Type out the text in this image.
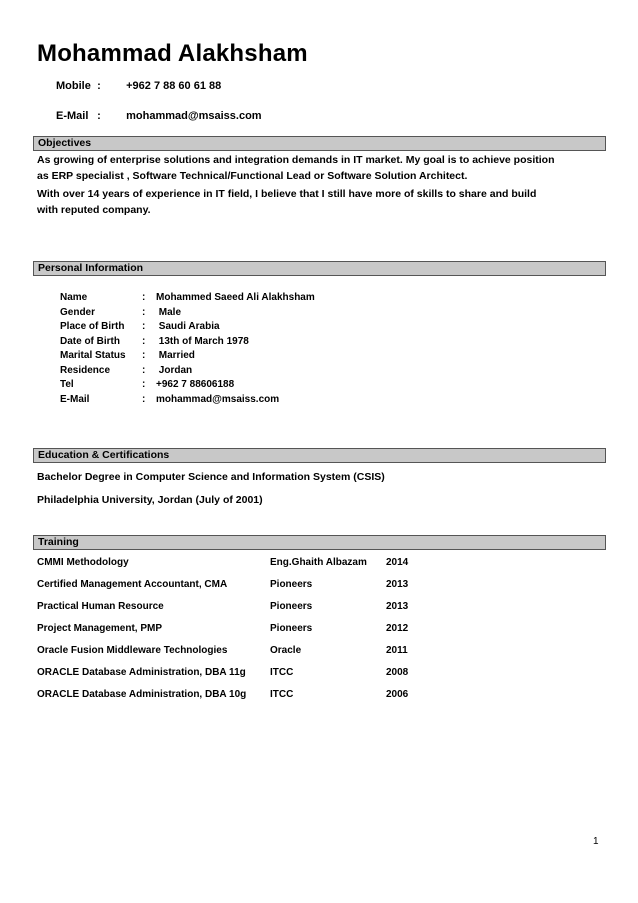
Mohammad Alakhsham
Mobile : +962 7 88 60 61 88
E-Mail : mohammad@msaiss.com
Objectives
As growing of enterprise solutions and integration demands in IT market. My goal is to achieve position
as ERP specialist , Software Technical/Functional Lead or Software Solution Architect.
With over 14 years of experience in IT field, I believe that I still have more of skills to share and build
with reputed company.
Personal Information
Name	: Mohammed Saeed Ali Alakhsham
Gender	: Male
Place of Birth : Saudi Arabia
Date of Birth : 13th of March 1978
Marital Status : Married
Residence	: Jordan
Tel	: +962 7 88606188
E-Mail	: mohammad@msaiss.com
Education & Certifications
Bachelor Degree in Computer Science and Information System (CSIS)
Philadelphia University, Jordan (July of 2001)
Training
CMMI Methodology	Eng.Ghaith Albazam 2014
Certified Management Accountant, CMA	Pioneers	2013
Practical Human Resource	Pioneers	2013
Project Management, PMP	Pioneers	2012
Oracle Fusion Middleware Technologies	Oracle	2011
ORACLE Database Administration, DBA 11g ITCC	2008
ORACLE Database Administration, DBA 10g ITCC	2006
1
